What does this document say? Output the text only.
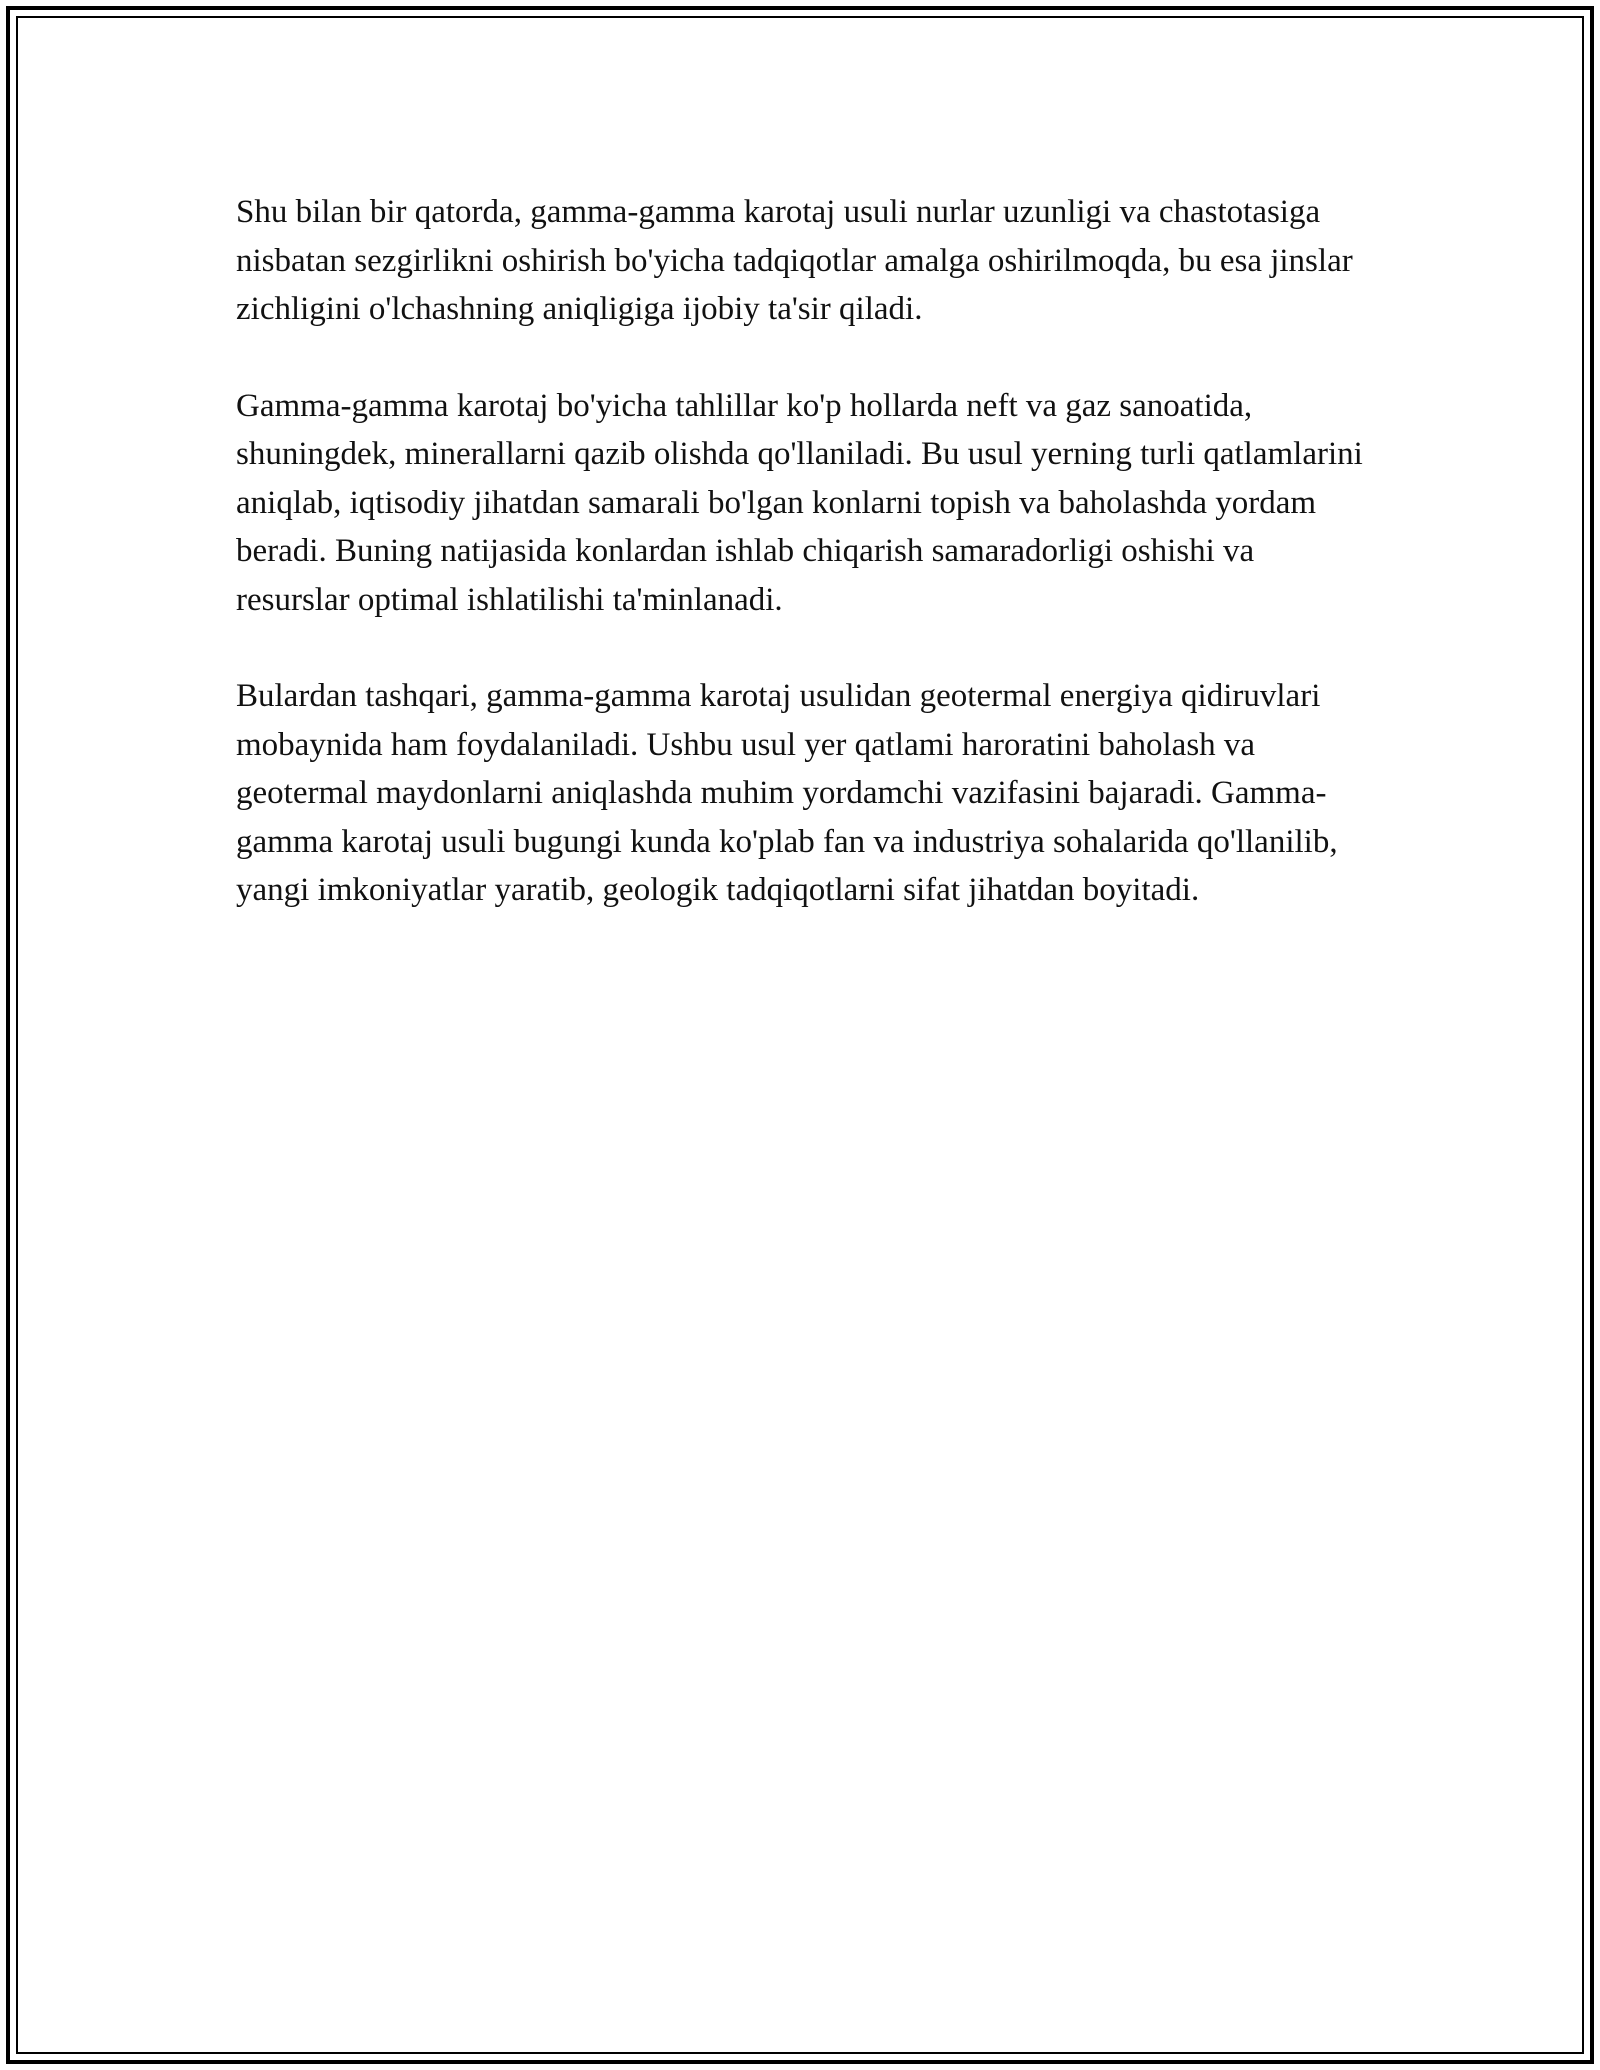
Shu bilan bir qatorda, gamma-gamma karotaj usuli nurlar uzunligi va chastotasiga nisbatan sezgirlikni oshirish bo'yicha tadqiqotlar amalga oshirilmoqda, bu esa jinslar zichligini o'lchashning aniqligiga ijobiy ta'sir qiladi.

Gamma-gamma karotaj bo'yicha tahlillar ko'p hollarda neft va gaz sanoatida, shuningdek, minerallarni qazib olishda qo'llaniladi. Bu usul yerning turli qatlamlarini aniqlab, iqtisodiy jihatdan samarali bo'lgan konlarni topish va baholashda yordam beradi. Buning natijasida konlardan ishlab chiqarish samaradorligi oshishi va resurslar optimal ishlatilishi ta'minlanadi.

Bulardan tashqari, gamma-gamma karotaj usulidan geotermal energiya qidiruvlari mobaynida ham foydalaniladi. Ushbu usul yer qatlami haroratini baholash va geotermal maydonlarni aniqlashda muhim yordamchi vazifasini bajaradi. Gamma-gamma karotaj usuli bugungi kunda ko'plab fan va industriya sohalarida qo'llanilib, yangi imkoniyatlar yaratib, geologik tadqiqotlarni sifat jihatdan boyitadi.
